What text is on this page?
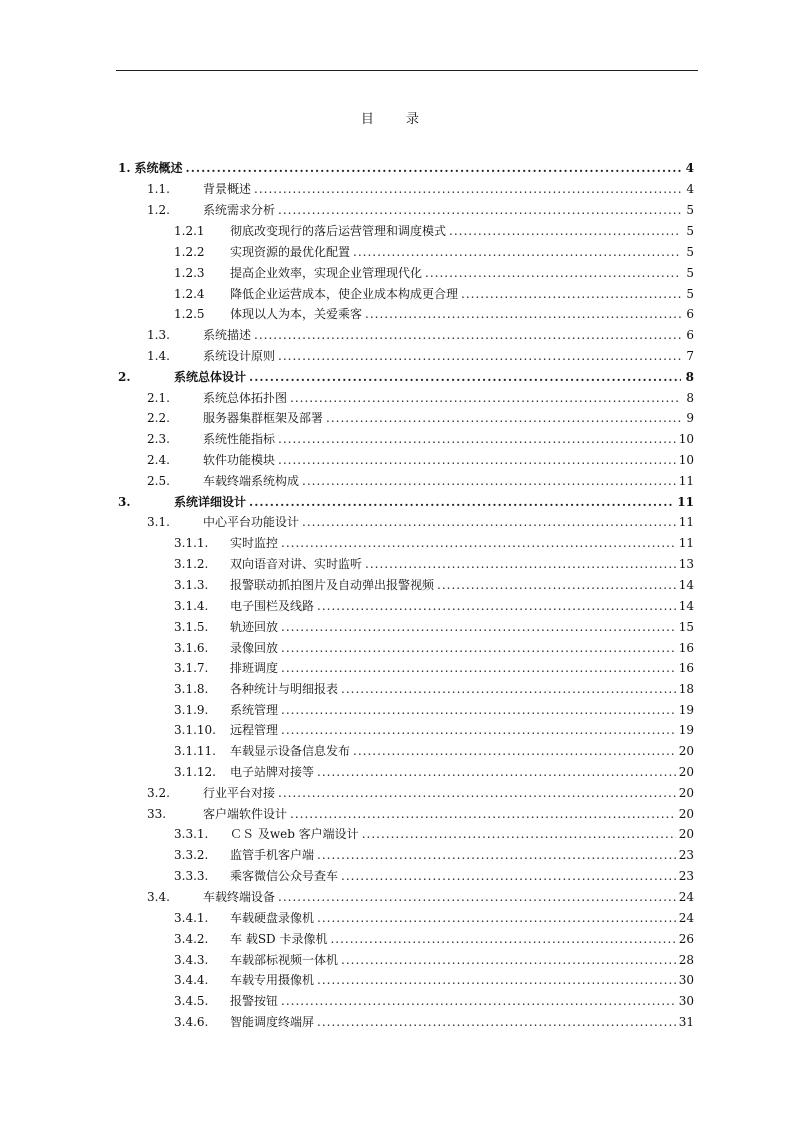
目 录
1. 系统概述 .....	4
1.1.	背景概述 .....	4
1.2.	系统需求分析 .....	5
1.2.1	彻底改变现行的落后运营管理和调度模式 .....	5
1.2.2	实现资源的最优化配置 .....	5
1.2.3	提高企业效率，实现企业管理现代化 .....	5
1.2.4	降低企业运营成本，使企业成本构成更合理 .....	5
1.2.5	体现以人为本，关爱乘客 .....	6
1.3.	系统描述 .....	6
1.4.	系统设计原则 .....	7
2.	系统总体设计 .....	8
2.1.	系统总体拓扑图 .....	8
2.2.	服务器集群框架及部署 .....	9
2.3.	系统性能指标 .....	10
2.4.	软件功能模块 .....	10
2.5.	车载终端系统构成 .....	11
3.	系统详细设计 .....	11
3.1.	中心平台功能设计 .....	11
3.1.1.	实时监控 .....	11
3.1.2.	双向语音对讲、实时监听 .....	13
3.1.3.	报警联动抓拍图片及自动弹出报警视频 .....	14
3.1.4.	电子围栏及线路 .....	14
3.1.5.	轨迹回放 .....	15
3.1.6.	录像回放 .....	16
3.1.7.	排班调度 .....	16
3.1.8.	各种统计与明细报表 .....	18
3.1.9.	系统管理 .....	19
3.1.10.	远程管理 .....	19
3.1.11.	车载显示设备信息发布 .....	20
3.1.12.	电子站牌对接等 .....	20
3.2.	行业平台对接 .....	20
33.	客户端软件设计 .....	20
3.3.1.	ＣＳ 及web 客户端设计 .....	20
3.3.2.	监管手机客户端 .....	23
3.3.3.	乘客微信公众号查车 .....	23
3.4.	车载终端设备 .....	24
3.4.1.	车载硬盘录像机 .....	24
3.4.2.	车 载SD 卡录像机 .....	26
3.4.3.	车载部标视频一体机 .....	28
3.4.4.	车载专用摄像机 .....	30
3.4.5.	报警按钮 .....	30
3.4.6.	智能调度终端屏 .....	31
